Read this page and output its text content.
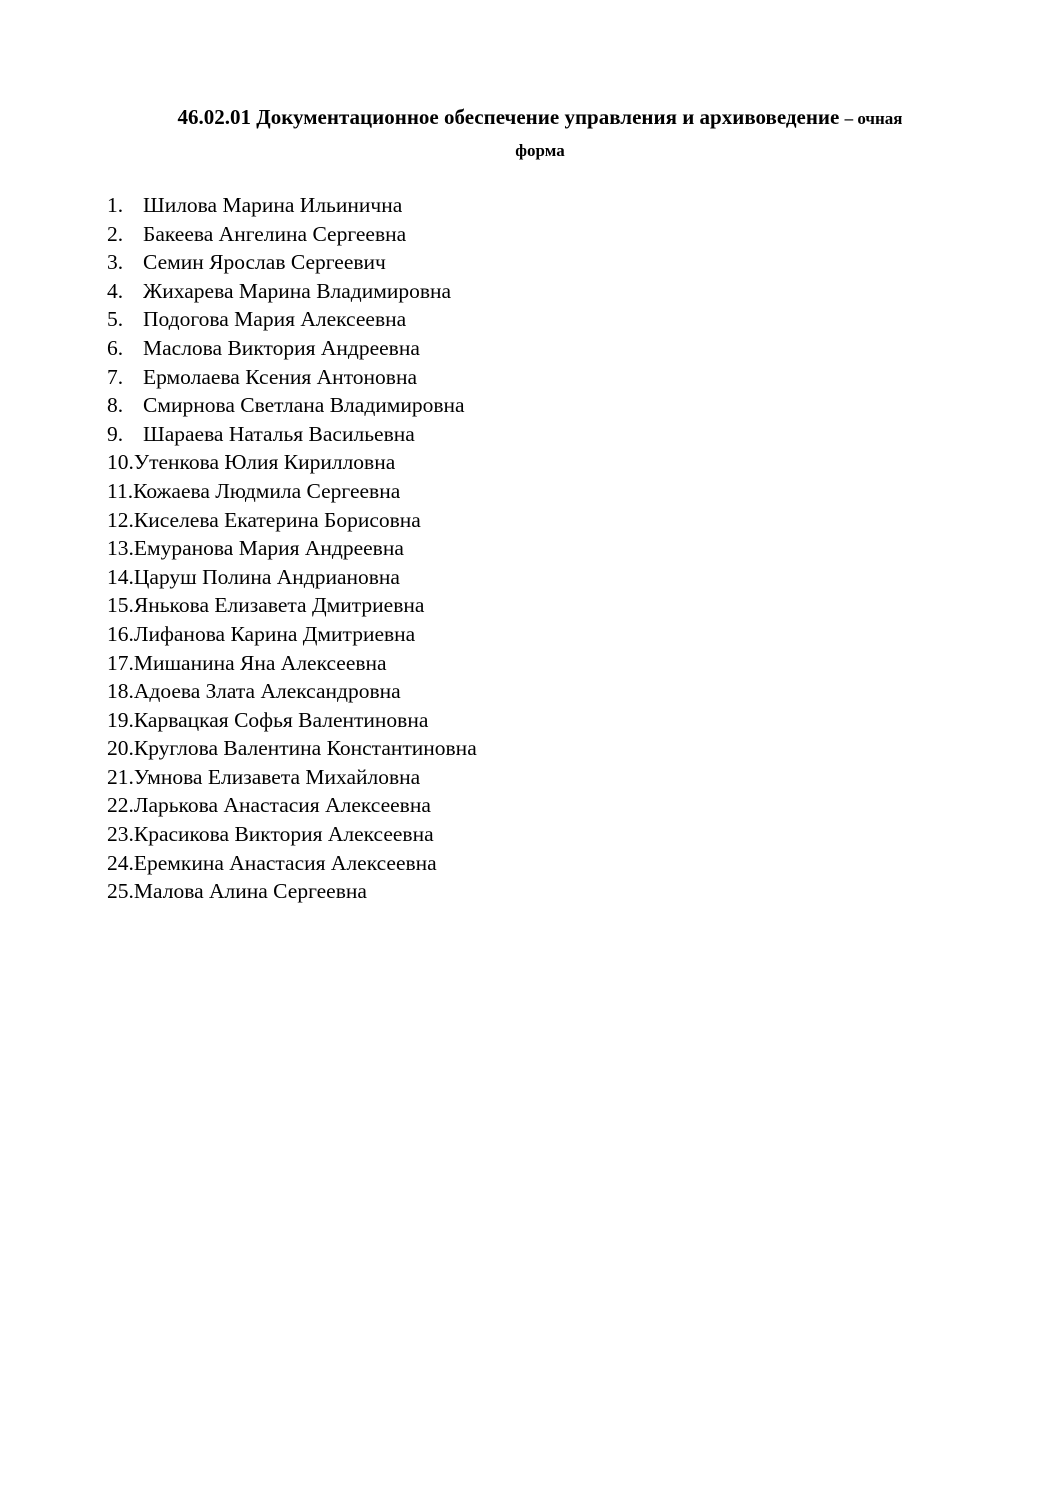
46.02.01 Документационное обеспечение управления и архивоведение – очная
форма
1. Шилова Марина Ильинична
2. Бакеева Ангелина Сергеевна
3. Семин Ярослав Сергеевич
4. Жихарева Марина Владимировна
5. Подогова Мария Алексеевна
6. Маслова Виктория Андреевна
7. Ермолаева Ксения Антоновна
8. Смирнова Светлана Владимировна
9. Шараева Наталья Васильевна
10.Утенкова Юлия Кирилловна
11.Кожаева Людмила Сергеевна
12.Киселева Екатерина Борисовна
13.Емуранова Мария Андреевна
14.Царуш Полина Андриановна
15.Янькова Елизавета Дмитриевна
16.Лифанова Карина Дмитриевна
17.Мишанина Яна Алексеевна
18.Адоева Злата Александровна
19.Карвацкая Софья Валентиновна
20.Круглова Валентина Константиновна
21.Умнова Елизавета Михайловна
22.Ларькова Анастасия Алексеевна
23.Красикова Виктория Алексеевна
24.Еремкина Анастасия Алексеевна
25.Малова Алина Сергеевна
